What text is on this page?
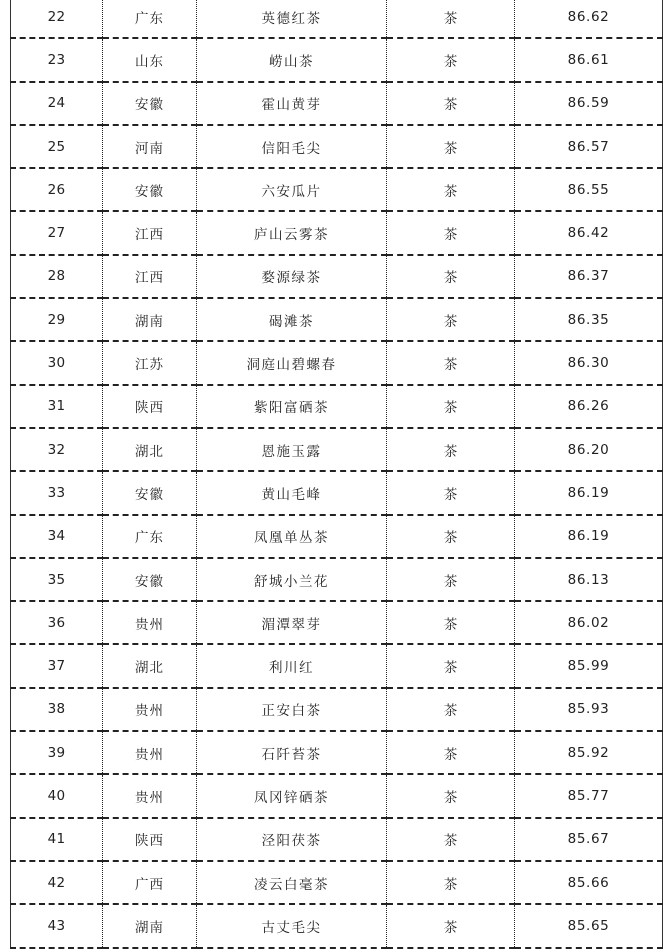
22	广东	英德红茶	茶	86.62
23	山东	崂山茶	茶	86.61
24	安徽	霍山黄芽	茶	86.59
25	河南	信阳毛尖	茶	86.57
26	安徽	六安瓜片	茶	86.55
27	江西	庐山云雾茶	茶	86.42
28	江西	婺源绿茶	茶	86.37
29	湖南	碣滩茶	茶	86.35
30	江苏	洞庭山碧螺春	茶	86.30
31	陕西	紫阳富硒茶	茶	86.26
32	湖北	恩施玉露	茶	86.20
33	安徽	黄山毛峰	茶	86.19
34	广东	凤凰单丛茶	茶	86.19
35	安徽	舒城小兰花	茶	86.13
36	贵州	湄潭翠芽	茶	86.02
37	湖北	利川红	茶	85.99
38	贵州	正安白茶	茶	85.93
39	贵州	石阡苔茶	茶	85.92
40	贵州	凤冈锌硒茶	茶	85.77
41	陕西	泾阳茯茶	茶	85.67
42	广西	凌云白毫茶	茶	85.66
43	湖南	古丈毛尖	茶	85.65
